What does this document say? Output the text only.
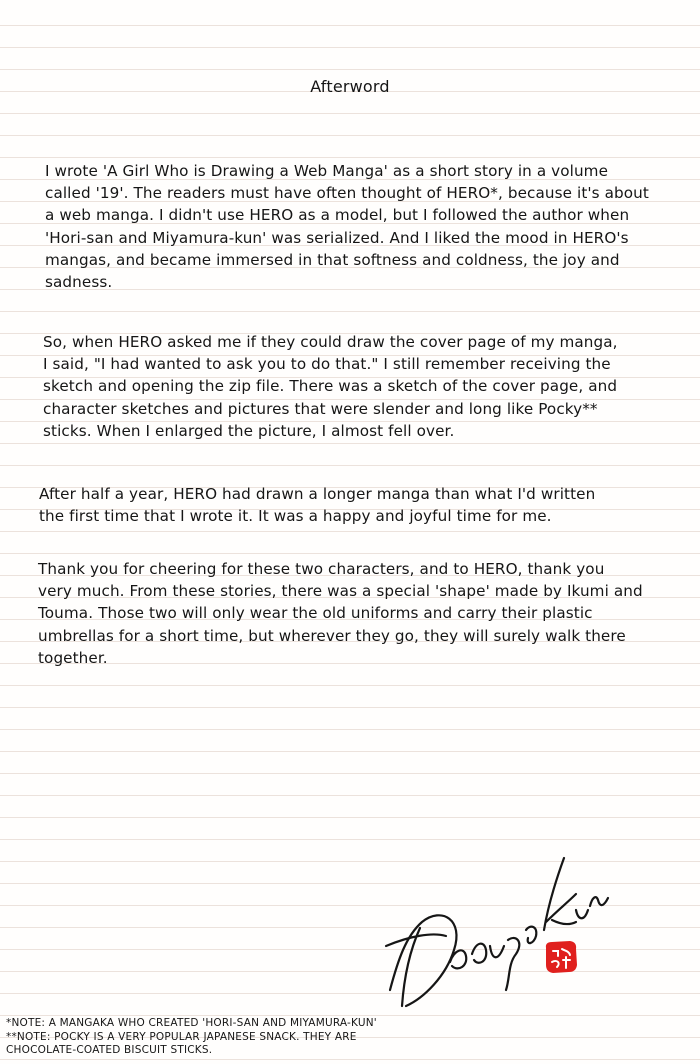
Afterword

I wrote 'A Girl Who is Drawing a Web Manga' as a short story in a volume
called '19'. The readers must have often thought of HERO*, because it's about
a web manga. I didn't use HERO as a model, but I followed the author when
'Hori-san and Miyamura-kun' was serialized. And I liked the mood in HERO's
mangas, and became immersed in that softness and coldness, the joy and
sadness.

So, when HERO asked me if they could draw the cover page of my manga,
I said, "I had wanted to ask you to do that." I still remember receiving the
sketch and opening the zip file. There was a sketch of the cover page, and
character sketches and pictures that were slender and long like Pocky**
sticks. When I enlarged the picture, I almost fell over.

After half a year, HERO had drawn a longer manga than what I'd written
the first time that I wrote it. It was a happy and joyful time for me.

Thank you for cheering for these two characters, and to HERO, thank you
very much. From these stories, there was a special 'shape' made by Ikumi and
Touma. Those two will only wear the old uniforms and carry their plastic
umbrellas for a short time, but wherever they go, they will surely walk there
together.

*NOTE: A MANGAKA WHO CREATED 'HORI-SAN AND MIYAMURA-KUN'
**NOTE: POCKY IS A VERY POPULAR JAPANESE SNACK. THEY ARE
CHOCOLATE-COATED BISCUIT STICKS.
